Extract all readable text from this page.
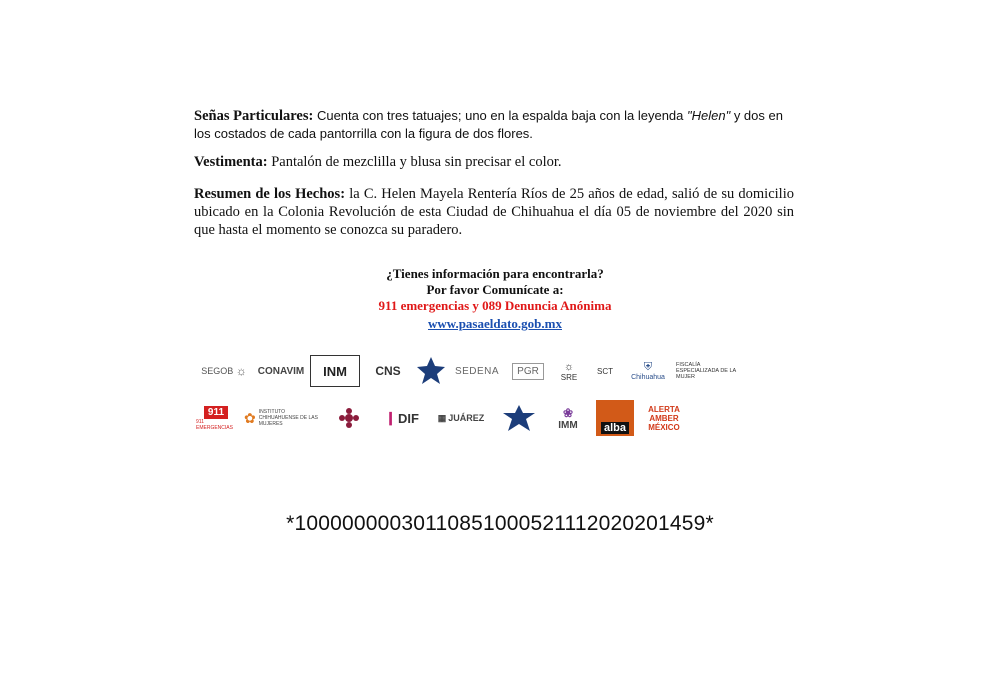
Señas Particulares: Cuenta con tres tatuajes; uno en la espalda baja con la leyenda "Helen" y dos en los costados de cada pantorrilla con la figura de dos flores.
Vestimenta: Pantalón de mezclilla y blusa sin precisar el color.
Resumen de los Hechos: la C. Helen Mayela Rentería Ríos de 25 años de edad, salió de su domicilio ubicado en la Colonia Revolución de esta Ciudad de Chihuahua el día 05 de noviembre del 2020 sin que hasta el momento se conozca su paradero.
¿Tienes información para encontrarla?
Por favor Comunícate a:
911 emergencias y 089 Denuncia Anónima
www.pasaeldato.gob.mx
SEGOB
☼ CONAVIM INM CNS	SEDENA	PGR	☼
SRE
SCT	⛨
Chihuahua
FISCALÍA ESPECIALIZADA DE LA MUJER
911
911 EMERGENCIAS
✿ INSTITUTO CHIHUAHUENSE DE LAS MUJERES	❙ DIF ▦ JUÁREZ	❀
IMM alba
ALERTA AMBER MÉXICO
*10000000030110851000521112020201459*
